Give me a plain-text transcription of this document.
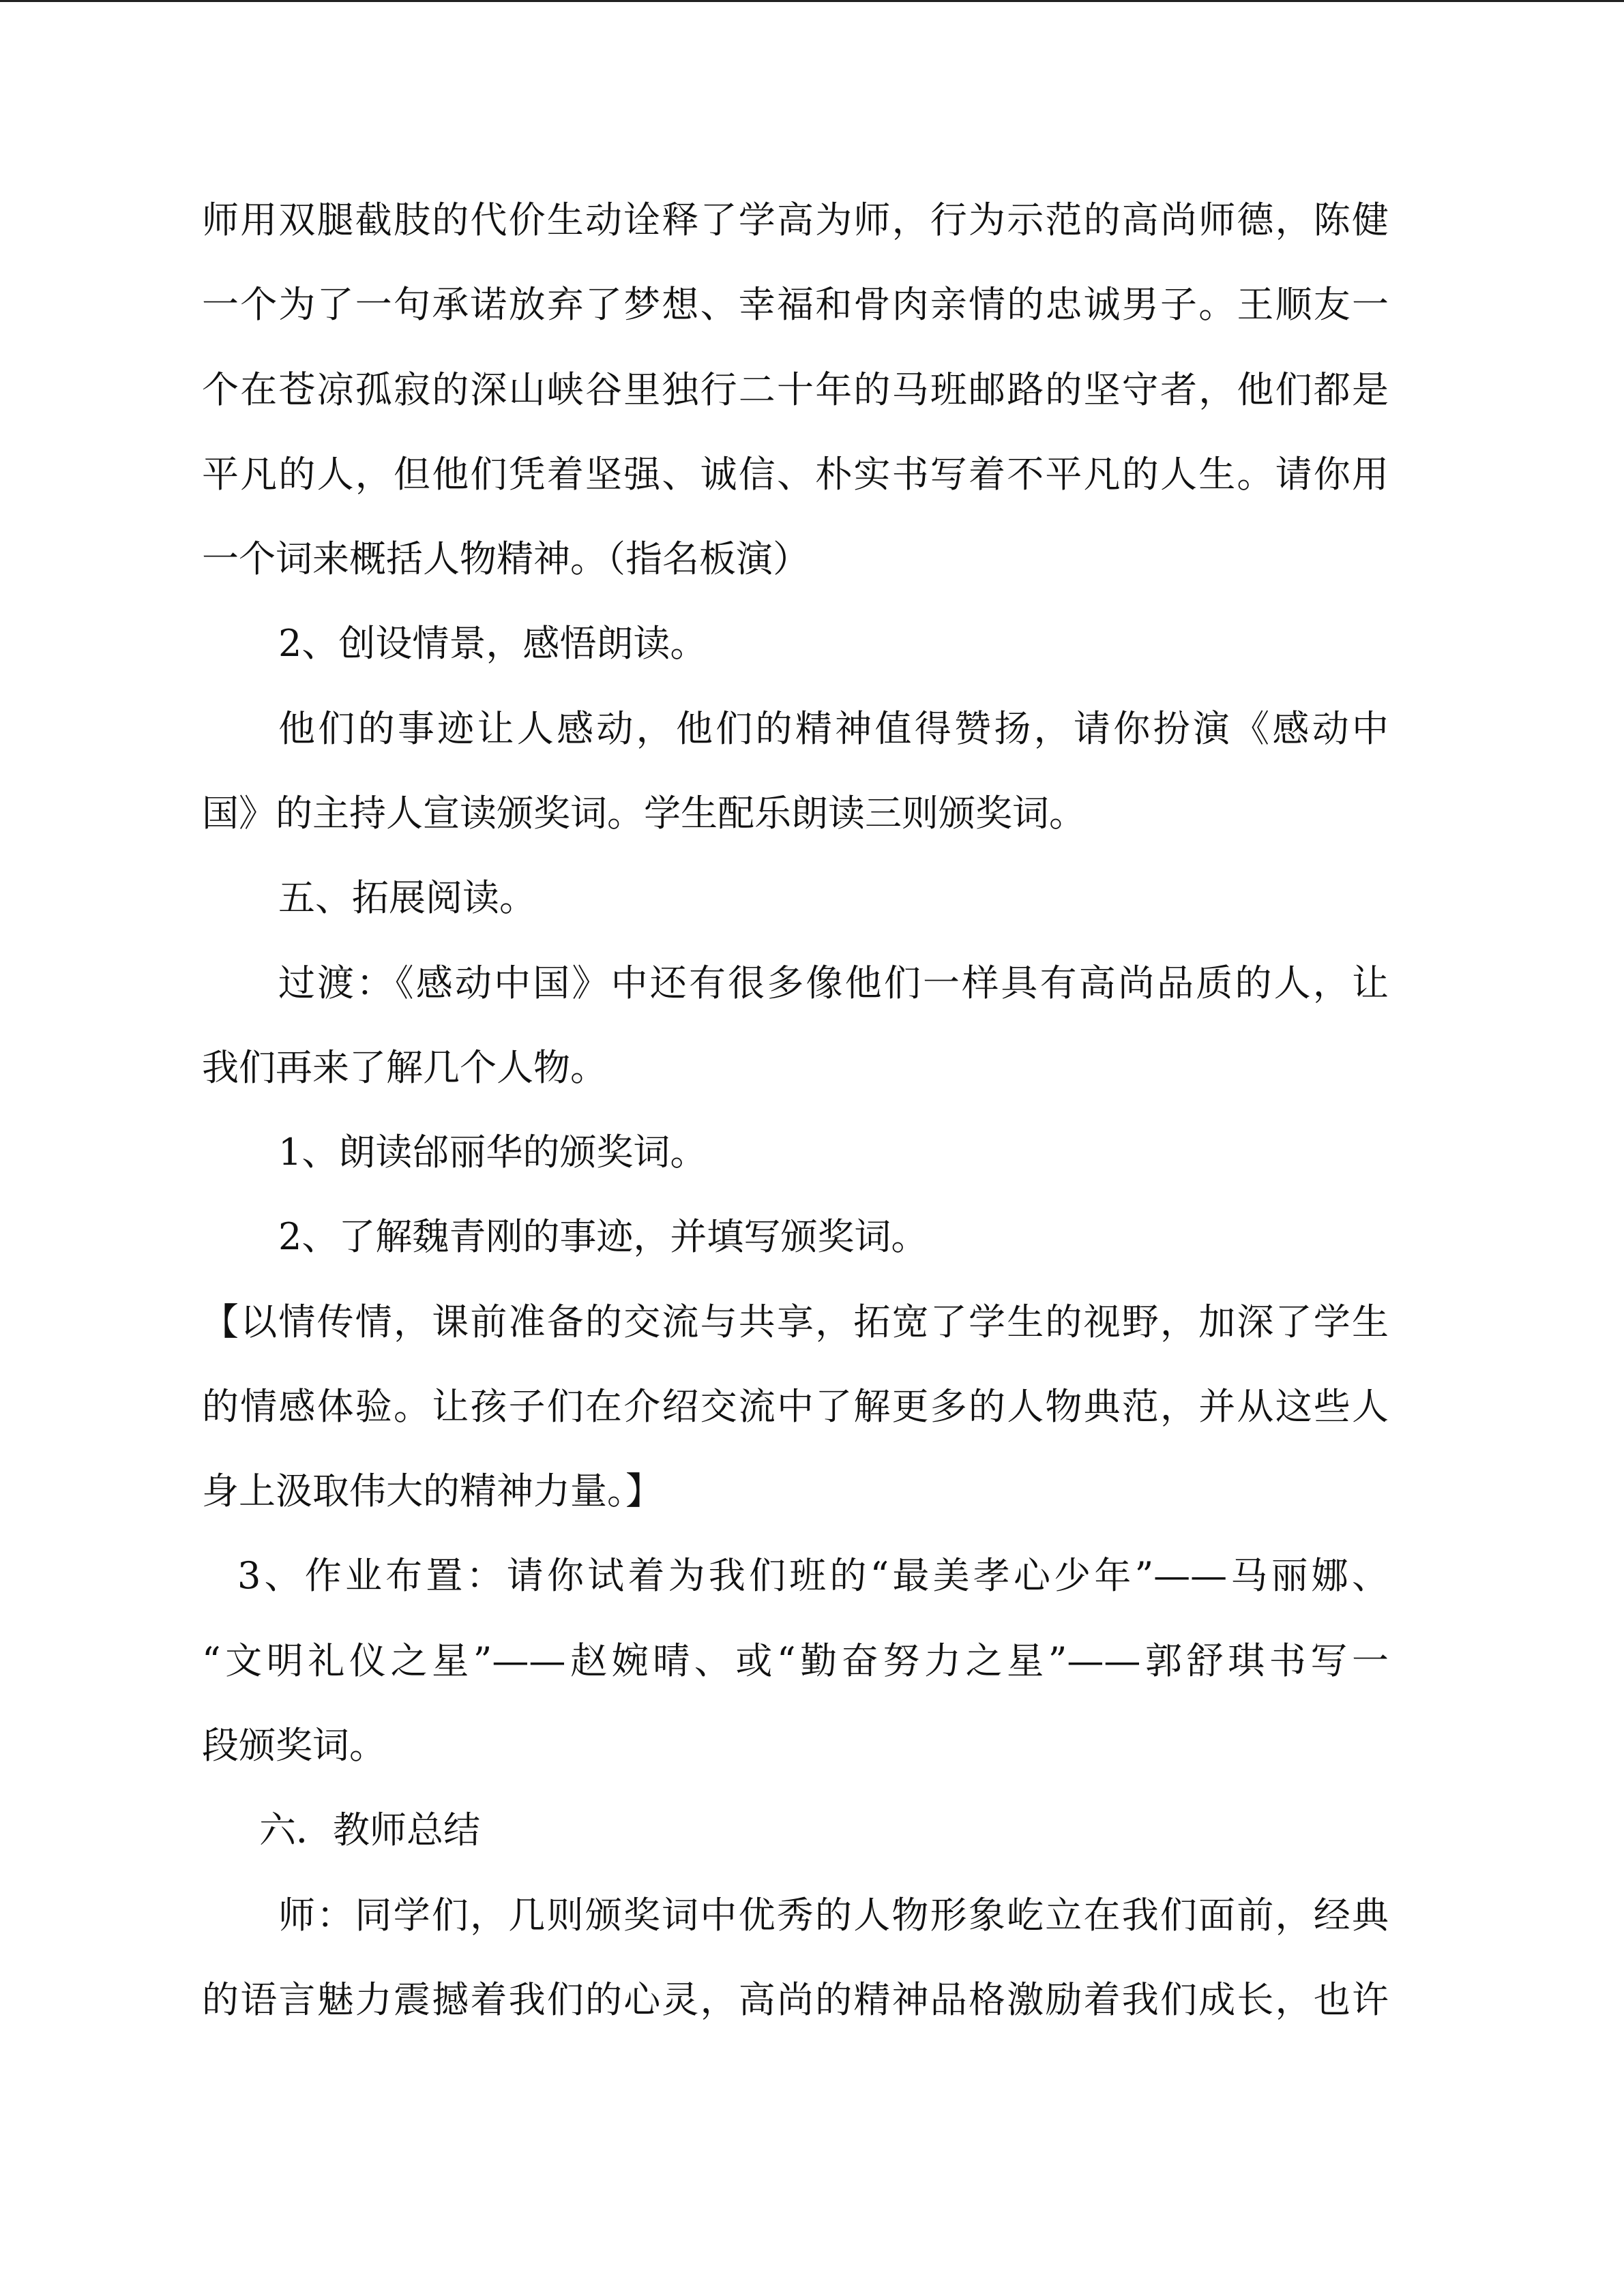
师用双腿截肢的代价生动诠释了学高为师，行为示范的高尚师德，陈健
一个为了一句承诺放弃了梦想、幸福和骨肉亲情的忠诚男子。王顺友一
个在苍凉孤寂的深山峡谷里独行二十年的马班邮路的坚守者，他们都是
平凡的人，但他们凭着坚强、诚信、朴实书写着不平凡的人生。请你用
一个词来概括人物精神。（指名板演）
2、创设情景，感悟朗读。
他们的事迹让人感动，他们的精神值得赞扬，请你扮演《感动中
国》的主持人宣读颁奖词。学生配乐朗读三则颁奖词。
五、拓展阅读。
过渡：《感动中国》中还有很多像他们一样具有高尚品质的人，让
我们再来了解几个人物。
1、朗读邰丽华的颁奖词。
2、了解魏青刚的事迹，并填写颁奖词。
【以情传情，课前准备的交流与共享，拓宽了学生的视野，加深了学生
的情感体验。让孩子们在介绍交流中了解更多的人物典范，并从这些人
身上汲取伟大的精神力量。】
3、作业布置：请你试着为我们班的“最美孝心少年”——马丽娜、
“文明礼仪之星”——赵婉晴、或“勤奋努力之星”——郭舒琪书写一
段颁奖词。
六．教师总结
师：同学们，几则颁奖词中优秀的人物形象屹立在我们面前，经典
的语言魅力震撼着我们的心灵，高尚的精神品格激励着我们成长，也许
